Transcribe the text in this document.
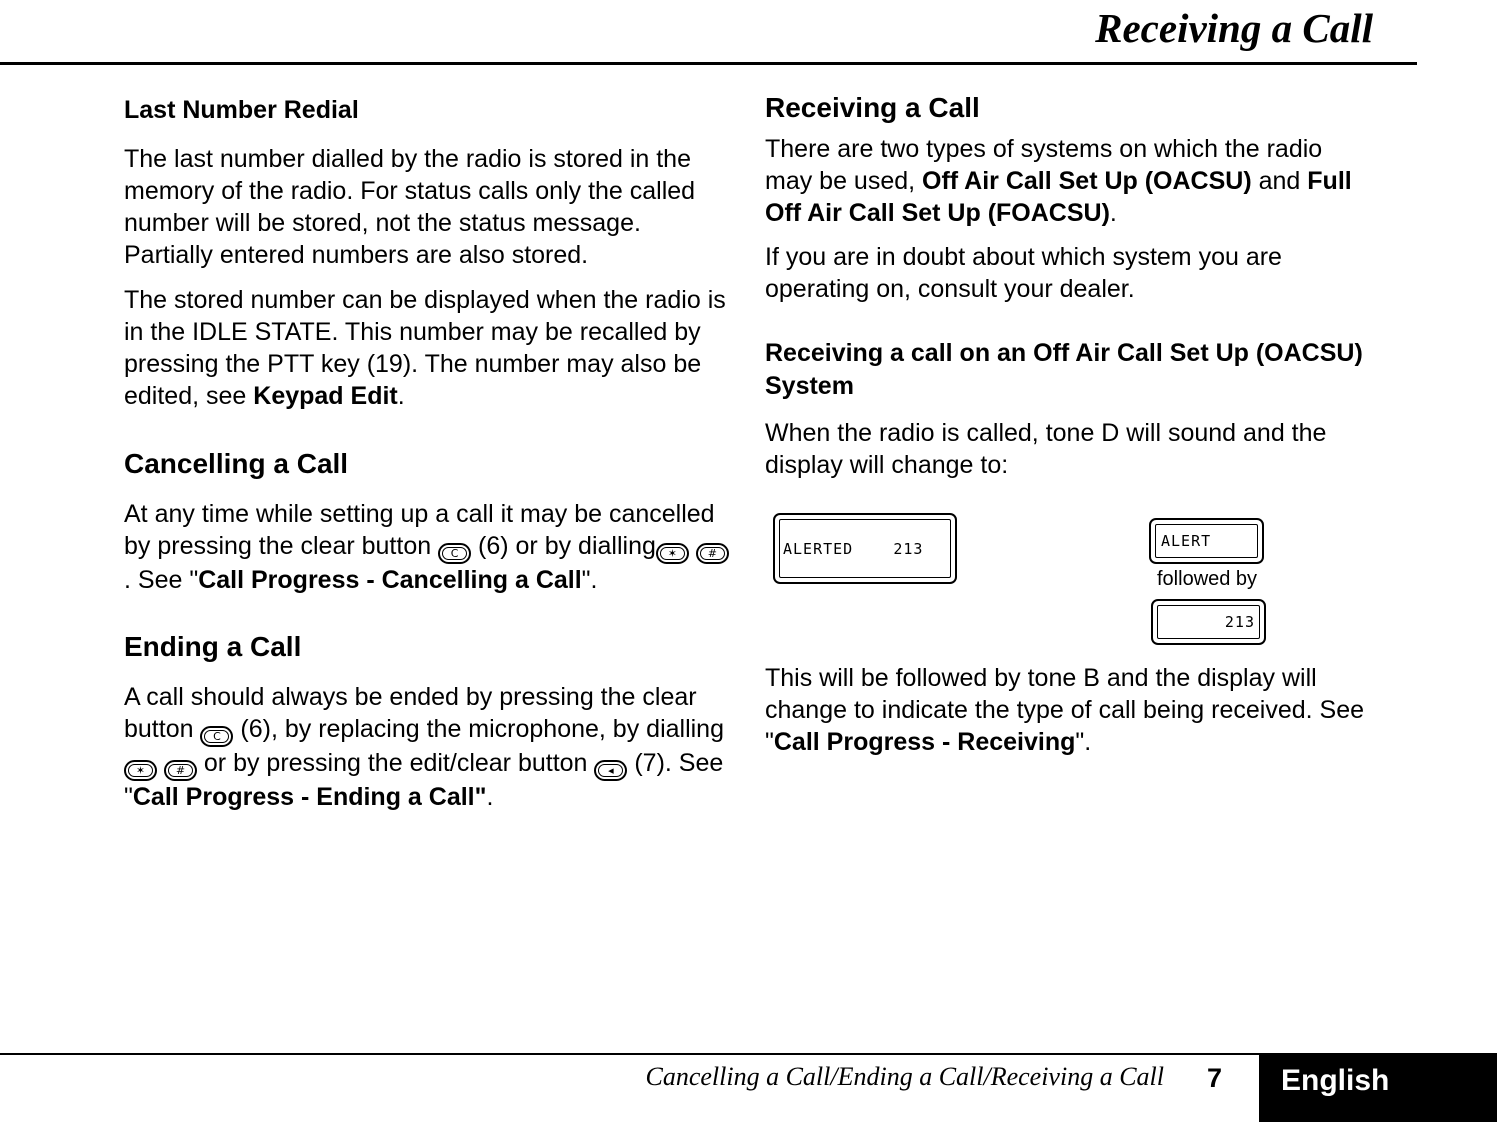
Receiving a Call
Last Number Redial

The last number dialled by the radio is stored in the memory of the radio. For status calls only the called number will be stored, not the status message. Partially entered numbers are also stored.

The stored number can be displayed when the radio is in the IDLE STATE. This number may be recalled by pressing the PTT key (19). The number may also be edited, see Keypad Edit.

Cancelling a Call

At any time while setting up a call it may be cancelled by pressing the clear button	C (6) or by dialling	✶
	#
. See "Call Progress - Cancelling a Call".

Ending a Call

A call should always be ended by pressing the clear button	C (6), by replacing the microphone, by dialling
✶
	# or by pressing the edit/clear button	◂ (7). See "Call Progress - Ending a Call".

Receiving a Call

There are two types of systems on which the radio may be used, Off Air Call Set Up (OACSU) and Full Off Air Call Set Up (FOACSU).

If you are in doubt about which system you are operating on, consult your dealer.

Receiving a call on an Off Air Call Set Up (OACSU) System

When the radio is called, tone D will sound and the display will change to:

ALERTED    213	ALERT
followed by
213

This will be followed by tone B and the display will change to indicate the type of call being received. See "Call Progress - Receiving".

Cancelling a Call/Ending a Call/Receiving a Call 7 English
